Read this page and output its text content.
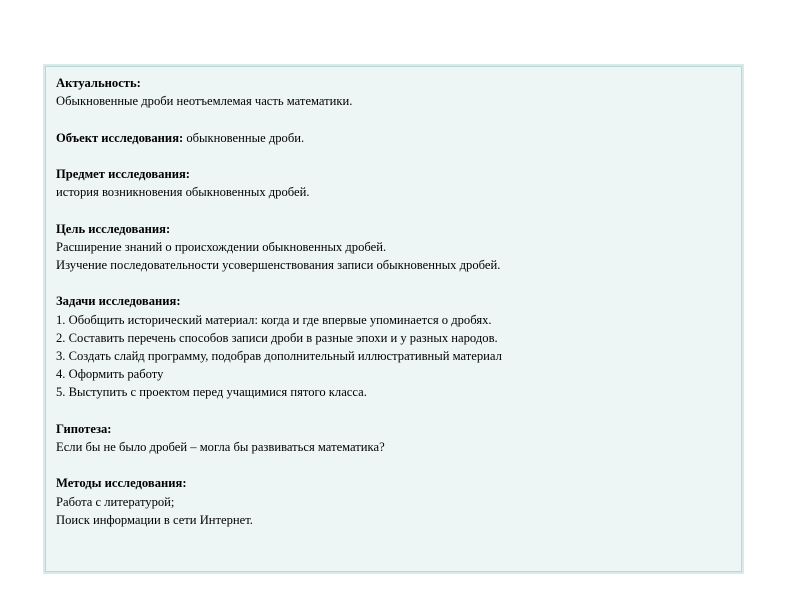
Актуальность:
Обыкновенные дроби неотъемлемая часть математики.
Объект исследования: обыкновенные дроби.
Предмет исследования:
история возникновения обыкновенных дробей.
Цель исследования:
Расширение знаний о происхождении обыкновенных дробей.
Изучение последовательности усовершенствования записи обыкновенных дробей.
Задачи исследования:
1. Обобщить исторический материал: когда и где впервые упоминается о дробях.
2. Составить перечень способов записи дроби в разные эпохи и у разных народов.
3. Создать слайд программу, подобрав дополнительный иллюстративный материал
4. Оформить работу
5. Выступить с проектом перед учащимися пятого класса.
Гипотеза:
Если бы не было дробей – могла бы развиваться математика?
Методы исследования:
Работа с литературой;
Поиск информации в сети Интернет.
